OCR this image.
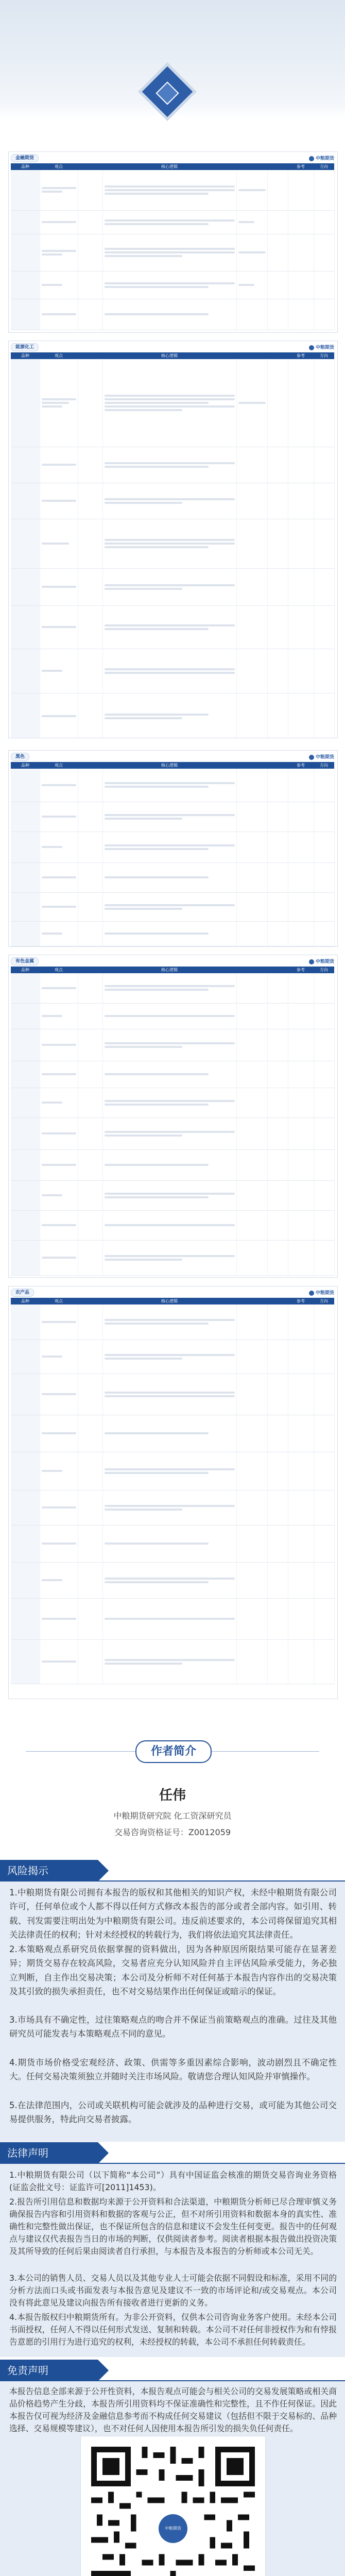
金融期货	中粮期货
品种	观点		核心逻辑			参考	方向

能源化工	中粮期货
品种	观点		核心逻辑			参考	方向

黑色	中粮期货
品种	观点		核心逻辑			参考	方向

有色金属	中粮期货
品种	观点		核心逻辑			参考	方向

农产品	中粮期货
品种	观点		核心逻辑			参考	方向

作者简介
任伟
中粮期货研究院 化工资深研究员
交易咨询资格证号：Z0012059
风险揭示

1.中粮期货有限公司拥有本报告的版权和其他相关的知识产权，未经中粮期货有限公司许可，任何单位或个人都不得以任何方式修改本报告的部分或者全部内容。如引用、转载、刊发需要注明出处为中粮期货有限公司。违反前述要求的，本公司将保留追究其相关法律责任的权利；针对未经授权的转载行为，我们将依法追究其法律责任。

2.本策略观点系研究员依据掌握的资料做出，因为各种原因所限结果可能存在显著差异；期货交易存在较高风险，交易者应充分认知风险并自主评估风险承受能力，务必独立判断，自主作出交易决策；本公司及分析师不对任何基于本报告内容作出的交易决策及其引致的损失承担责任，也不对交易结果作出任何保证或暗示的保证。

3.市场具有不确定性，过往策略观点的吻合并不保证当前策略观点的准确。过往及其他研究员可能发表与本策略观点不同的意见。

4.期货市场价格受宏观经济、政策、供需等多重因素综合影响，波动剧烈且不确定性大。任何交易决策须独立并随时关注市场风险。敬请您合理认知风险并审慎操作。

5.在法律范围内，公司或关联机构可能会就涉及的品种进行交易，或可能为其他公司交易提供服务，特此向交易者披露。

法律声明

1.中粮期货有限公司（以下简称“本公司”）具有中国证监会核准的期货交易咨询业务资格(证监会批文号：证监许可[2011]1453)。

2.报告所引用信息和数据均来源于公开资料和合法渠道，中粮期货分析师已尽合理审慎义务确保报告内容和引用资料和数据的客观与公正，但不对所引用资料和数据本身的真实性、准确性和完整性做出保证，也不保证所包含的信息和建议不会发生任何变更。报告中的任何观点与建议仅代表报告当日的市场的判断，仅供阅读者参考。阅读者根据本报告做出投资决策及其所导致的任何后果由阅读者自行承担，与本报告及本报告的分析师或本公司无关。

3.本公司的销售人员、交易人员以及其他专业人士可能会依据不同假设和标准，采用不同的分析方法而口头或书面发表与本报告意见及建议不一致的市场评论和/或交易观点。本公司没有将此意见及建议向报告所有接收者进行更新的义务。

4.本报告版权归中粮期货所有。为非公开资料，仅供本公司咨询业务客户使用。未经本公司书面授权，任何人不得以任何形式发送、复制和转载。本公司不对任何非授权作为和有悖报告意愿的引用行为进行追究的权利，未经授权的转载，本公司不承担任何转载责任。

免责声明

本报告信息全部来源于公开性资料，本报告观点可能会与相关公司的交易发展策略或相关商品价格趋势产生分歧，本报告所引用资料均不保证准确性和完整性，且不作任何保证。因此本报告仅可视为经济及金融信息参考而不构成任何交易建议（包括但不限于交易标的、品种选择、交易规模等建议），也不对任何人因使用本报告所引发的损失负任何责任。

中粮期货
